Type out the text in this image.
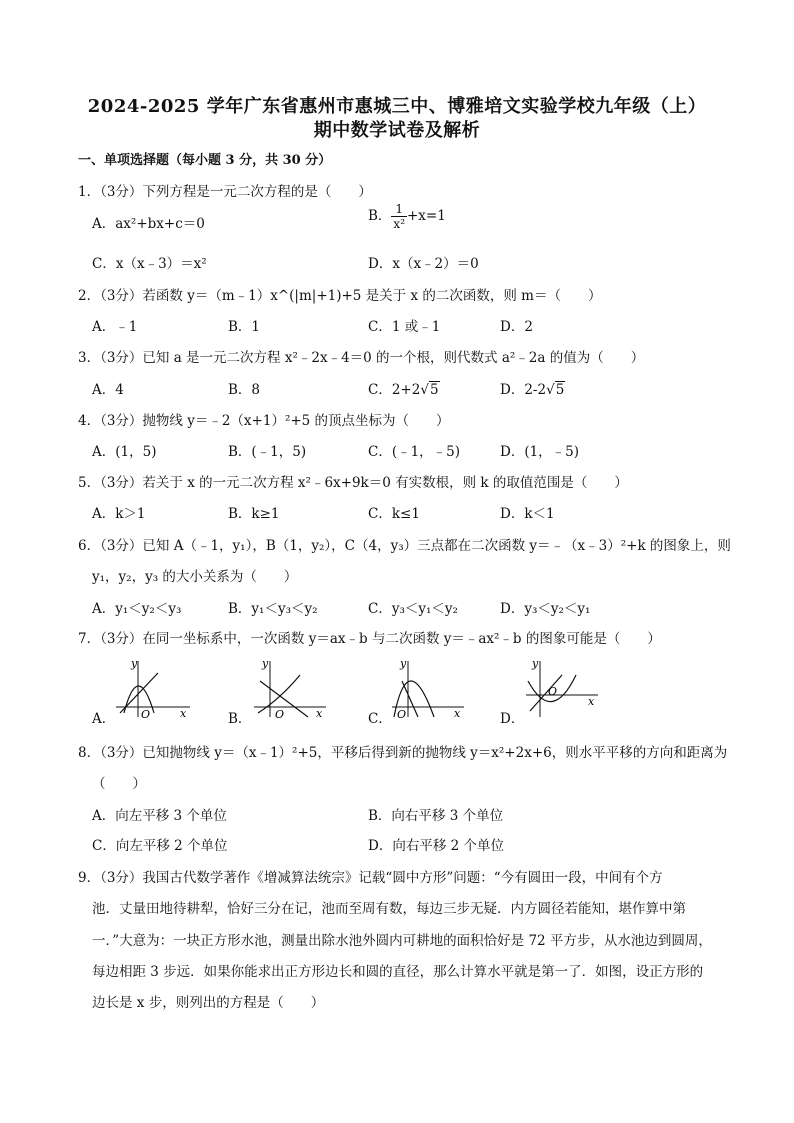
2024-2025 学年广东省惠州市惠城三中、博雅培文实验学校九年级（上）
期中数学试卷及解析
一、单项选择题（每小题 3 分，共 30 分）
1．（3分）下列方程是一元二次方程的是（　　）
A．ax²+bx+c＝0	B． $\frac{1}{\text{x²}} +x=1$
C．x（x﹣3）＝x²	D．x（x﹣2）＝0
2．（3分）若函数 y＝（m﹣1）x^(|m|+1)+5 是关于 x 的二次函数，则 m＝（　　）
A．﹣1	B．1	C．1 或﹣1	D．2
3．（3分）已知 a 是一元二次方程 x²﹣2x﹣4＝0 的一个根，则代数式 a²﹣2a 的值为（　　）
A．4	B．8	C．2+2√5	D．2-2√5
4．（3分）抛物线 y＝﹣2（x+1）²+5 的顶点坐标为（　　）
A．(1，5)	B．(﹣1，5)	C．(﹣1，﹣5)	D．(1，﹣5)
5．（3分）若关于 x 的一元二次方程 x²﹣6x+9k＝0 有实数根，则 k 的取值范围是（　　）
A．k＞1	B．k≥1	C．k≤1	D．k＜1
6．（3分）已知 A（﹣1，y₁），B（1，y₂），C（4，y₃）三点都在二次函数 y＝﹣（x﹣3）²+k 的图象上，则
y₁，y₂，y₃ 的大小关系为（　　）
A．y₁＜y₂＜y₃	B．y₁＜y₃＜y₂	C．y₃＜y₁＜y₂	D．y₃＜y₂＜y₁
7．（3分）在同一坐标系中，一次函数 y＝ax﹣b 与二次函数 y＝﹣ax²﹣b 的图象可能是（　　）
A．
y
x
O	B．
y
x
O	C．
y
x
O	D．
y
x
O
8．（3分）已知抛物线 y＝（x﹣1）²+5，平移后得到新的抛物线 y＝x²+2x+6，则水平平移的方向和距离为
（　　）
A．向左平移 3 个单位	B．向右平移 3 个单位
C．向左平移 2 个单位	D．向右平移 2 个单位
9．（3分）我国古代数学著作《增减算法统宗》记载“圆中方形”问题：“今有圆田一段，中间有个方
池．丈量田地待耕犁，恰好三分在记，池而至周有数，每边三步无疑．内方圆径若能知，堪作算中第
一．”大意为：一块正方形水池，测量出除水池外圆内可耕地的面积恰好是 72 平方步，从水池边到圆周，
每边相距 3 步远．如果你能求出正方形边长和圆的直径，那么计算水平就是第一了．如图，设正方形的
边长是 x 步，则列出的方程是（　　）
